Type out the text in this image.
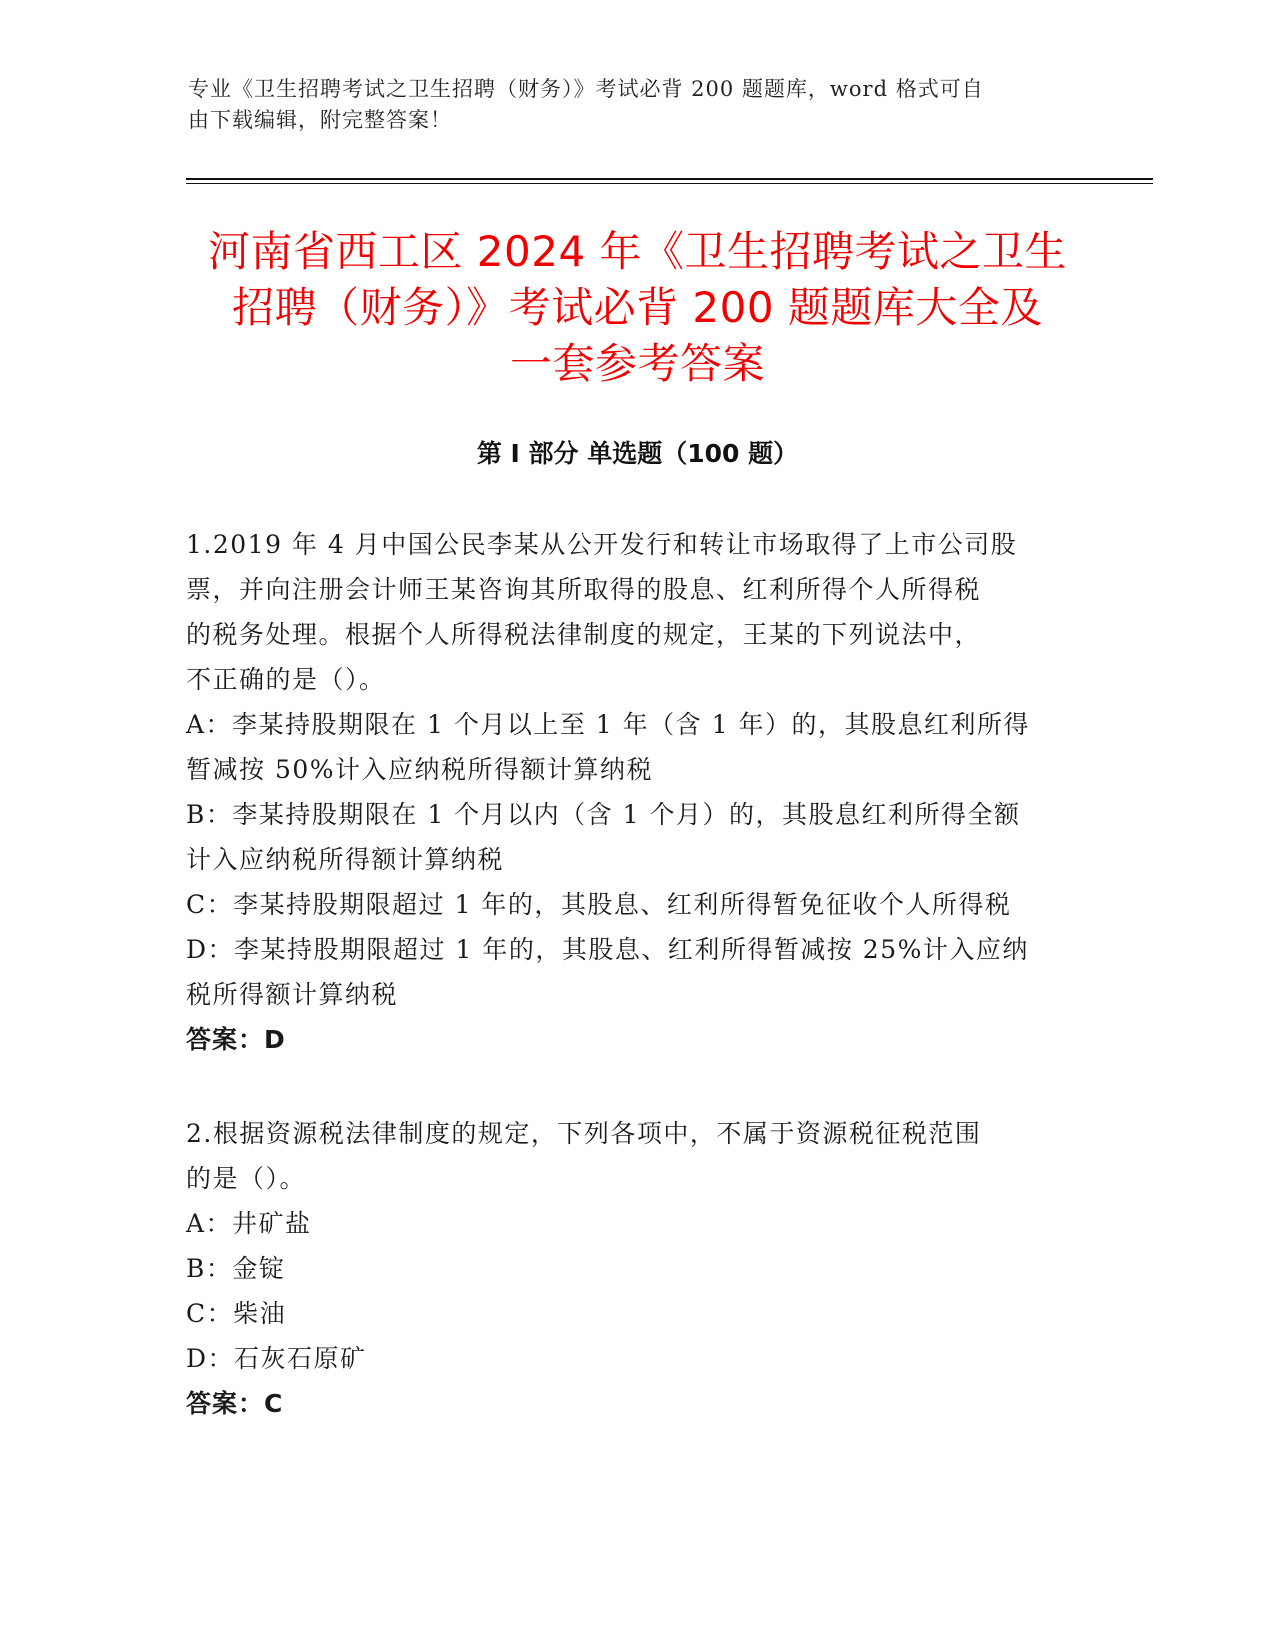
专业《卫生招聘考试之卫生招聘（财务）》考试必背 200 题题库，word 格式可自
由下载编辑，附完整答案！
河南省西工区 2024 年《卫生招聘考试之卫生
招聘（财务）》考试必背 200 题题库大全及
一套参考答案
第 I 部分 单选题（100 题）

1.2019 年 4 月中国公民李某从公开发行和转让市场取得了上市公司股

票，并向注册会计师王某咨询其所取得的股息、红利所得个人所得税

的税务处理。根据个人所得税法律制度的规定，王某的下列说法中，

不正确的是（）。

A：李某持股期限在 1 个月以上至 1 年（含 1 年）的，其股息红利所得

暂减按 50%计入应纳税所得额计算纳税

B：李某持股期限在 1 个月以内（含 1 个月）的，其股息红利所得全额

计入应纳税所得额计算纳税

C：李某持股期限超过 1 年的，其股息、红利所得暂免征收个人所得税

D：李某持股期限超过 1 年的，其股息、红利所得暂减按 25%计入应纳

税所得额计算纳税

答案：D

2.根据资源税法律制度的规定，下列各项中，不属于资源税征税范围

的是（）。

A：井矿盐

B：金锭

C：柴油

D：石灰石原矿

答案：C
